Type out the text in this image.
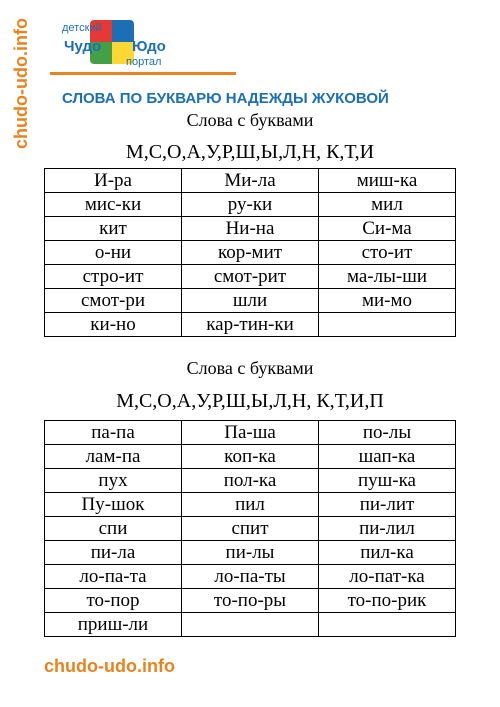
chudo-udo.info	детский
Чудо Юдо
портал
СЛОВА ПО БУКВАРЮ НАДЕЖДЫ ЖУКОВОЙ
Слова с буквами
М,С,О,А,У,Р,Ш,Ы,Л,Н, К,Т,И
И-ра	Ми-ла	миш-ка
мис-ки	ру-ки	мил
кит	Ни-на	Си-ма
о-ни	кор-мит	сто-ит
стро-ит	смот-рит	ма-лы-ши
смот-ри	шли	ми-мо
ки-но	кар-тин-ки	
Слова с буквами
М,С,О,А,У,Р,Ш,Ы,Л,Н, К,Т,И,П
па-па	Па-ша	по-лы
лам-па	коп-ка	шап-ка
пух	пол-ка	пуш-ка
Пу-шок	пил	пи-лит
спи	спит	пи-лил
пи-ла	пи-лы	пил-ка
ло-па-та	ло-па-ты	ло-пат-ка
то-пор	то-по-ры	то-по-рик
приш-ли		
chudo-udo.info
